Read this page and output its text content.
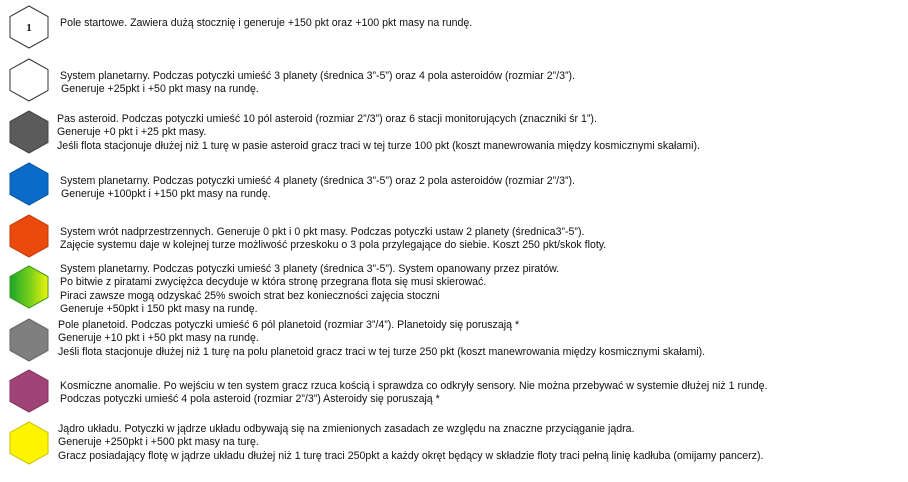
1	Pole startowe. Zawiera dużą stocznię i generuje +150 pkt oraz +100 pkt masy na rundę.

System planetarny. Podczas potyczki umieść 3 planety (średnica 3”-5”) oraz 4 pola asteroidów (rozmiar 2”/3”).
Generuje +25pkt i +50 pkt masy na rundę.

Pas asteroid. Podczas potyczki umieść 10 pól asteroid (rozmiar 2”/3”) oraz 6 stacji monitorujących (znaczniki śr 1”).
Generuje +0 pkt i +25 pkt masy.
Jeśli flota stacjonuje dłużej niż 1 turę w pasie asteroid gracz traci w tej turze 100 pkt (koszt manewrowania między kosmicznymi skałami).

System planetarny. Podczas potyczki umieść 4 planety (średnica 3”-5”) oraz 2 pola asteroidów (rozmiar 2”/3”).
Generuje +100pkt i +150 pkt masy na rundę.

System wrót nadprzestrzennych. Generuje 0 pkt i 0 pkt masy. Podczas potyczki ustaw 2 planety (średnica3”-5”).
Zajęcie systemu daje w kolejnej turze możliwość przeskoku o 3 pola przylegające do siebie. Koszt 250 pkt/skok floty.

System planetarny. Podczas potyczki umieść 3 planety (średnica 3”-5”). System opanowany przez piratów.
Po bitwie z piratami zwyciężca decyduje w która stronę przegrana flota się musi skierować.
Piraci zawsze mogą odzyskać 25% swoich strat bez konieczności zajęcia stoczni
Generuje +50pkt i 150 pkt masy na rundę.

Pole planetoid. Podczas potyczki umieść 6 pól planetoid (rozmiar 3”/4”). Planetoidy się poruszają *
Generuje +10 pkt i +50 pkt masy na rundę.
Jeśli flota stacjonuje dłużej niż 1 turę na polu planetoid gracz traci w tej turze 250 pkt (koszt manewrowania między kosmicznymi skałami).

Kosmiczne anomalie. Po wejściu w ten system gracz rzuca kością i sprawdza co odkryły sensory. Nie można przebywać w systemie dłużej niż 1 rundę.
Podczas potyczki umieść 4 pola asteroid (rozmiar 2”/3”) Asteroidy się poruszają *

Jądro układu. Potyczki w jądrze układu odbywają się na zmienionych zasadach ze względu na znaczne przyciąganie jądra.
Generuje +250pkt i +500 pkt masy na turę.
Gracz posiadający flotę w jądrze układu dłużej niż 1 turę traci 250pkt a każdy okręt będący w składzie floty traci pełną linię kadłuba (omijamy pancerz).
